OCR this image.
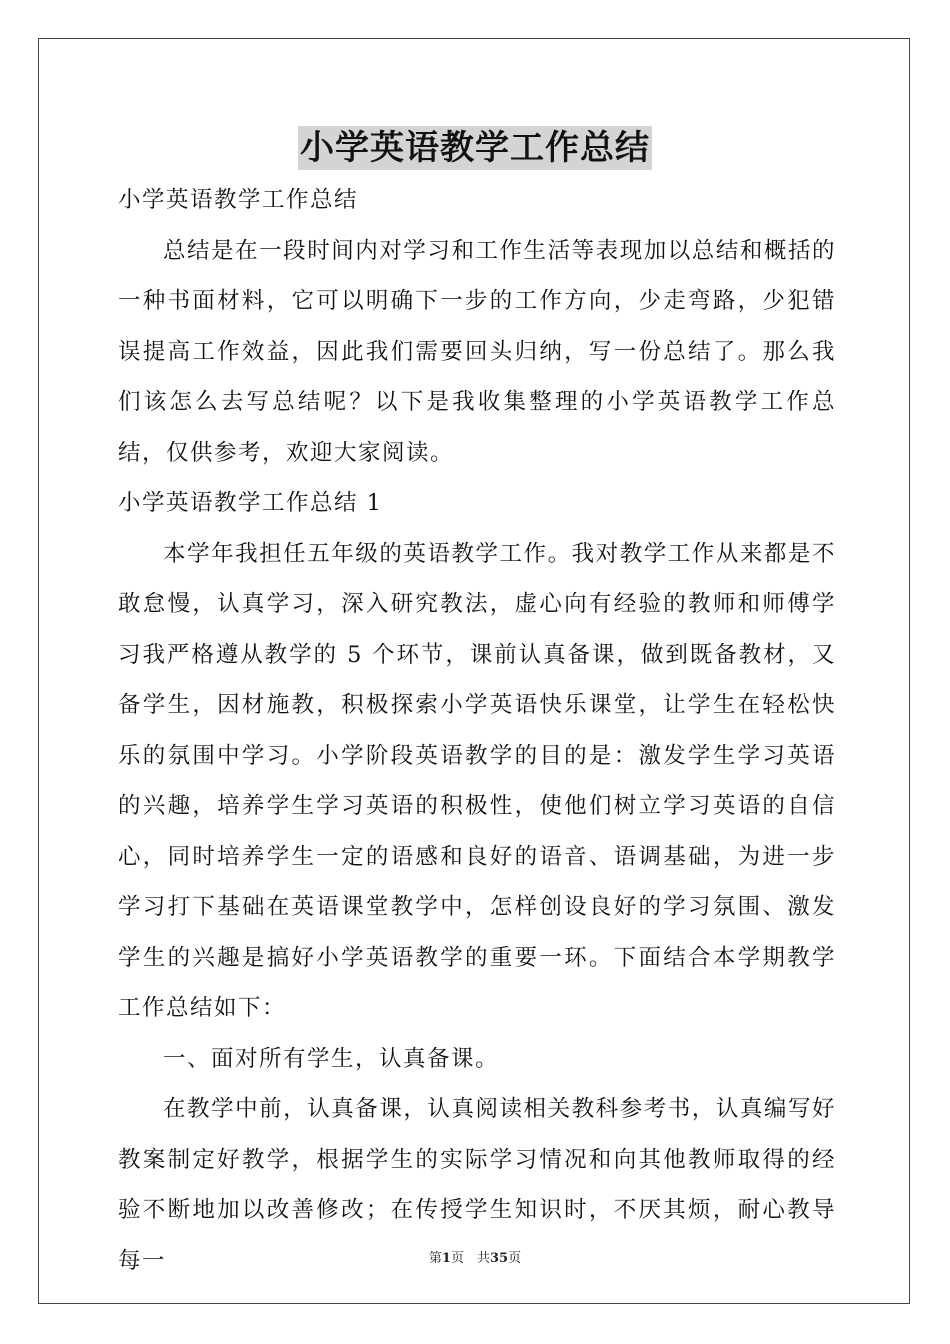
小学英语教学工作总结

小学英语教学工作总结

总结是在一段时间内对学习和工作生活等表现加以总结和概括的一种书面材料，它可以明确下一步的工作方向，少走弯路，少犯错误提高工作效益，因此我们需要回头归纳，写一份总结了。那么我们该怎么去写总结呢？以下是我收集整理的小学英语教学工作总结，仅供参考，欢迎大家阅读。

小学英语教学工作总结 1

本学年我担任五年级的英语教学工作。我对教学工作从来都是不敢怠慢，认真学习，深入研究教法，虚心向有经验的教师和师傅学习我严格遵从教学的 5 个环节，课前认真备课，做到既备教材，又备学生，因材施教，积极探索小学英语快乐课堂，让学生在轻松快乐的氛围中学习。小学阶段英语教学的目的是：激发学生学习英语的兴趣，培养学生学习英语的积极性，使他们树立学习英语的自信心，同时培养学生一定的语感和良好的语音、语调基础，为进一步学习打下基础在英语课堂教学中，怎样创设良好的学习氛围、激发学生的兴趣是搞好小学英语教学的重要一环。下面结合本学期教学工作总结如下：

一、面对所有学生，认真备课。

在教学中前，认真备课，认真阅读相关教科参考书，认真编写好教案制定好教学，根据学生的实际学习情况和向其他教师取得的经验不断地加以改善修改；在传授学生知识时，不厌其烦，耐心教导每一	第1页　共35页
